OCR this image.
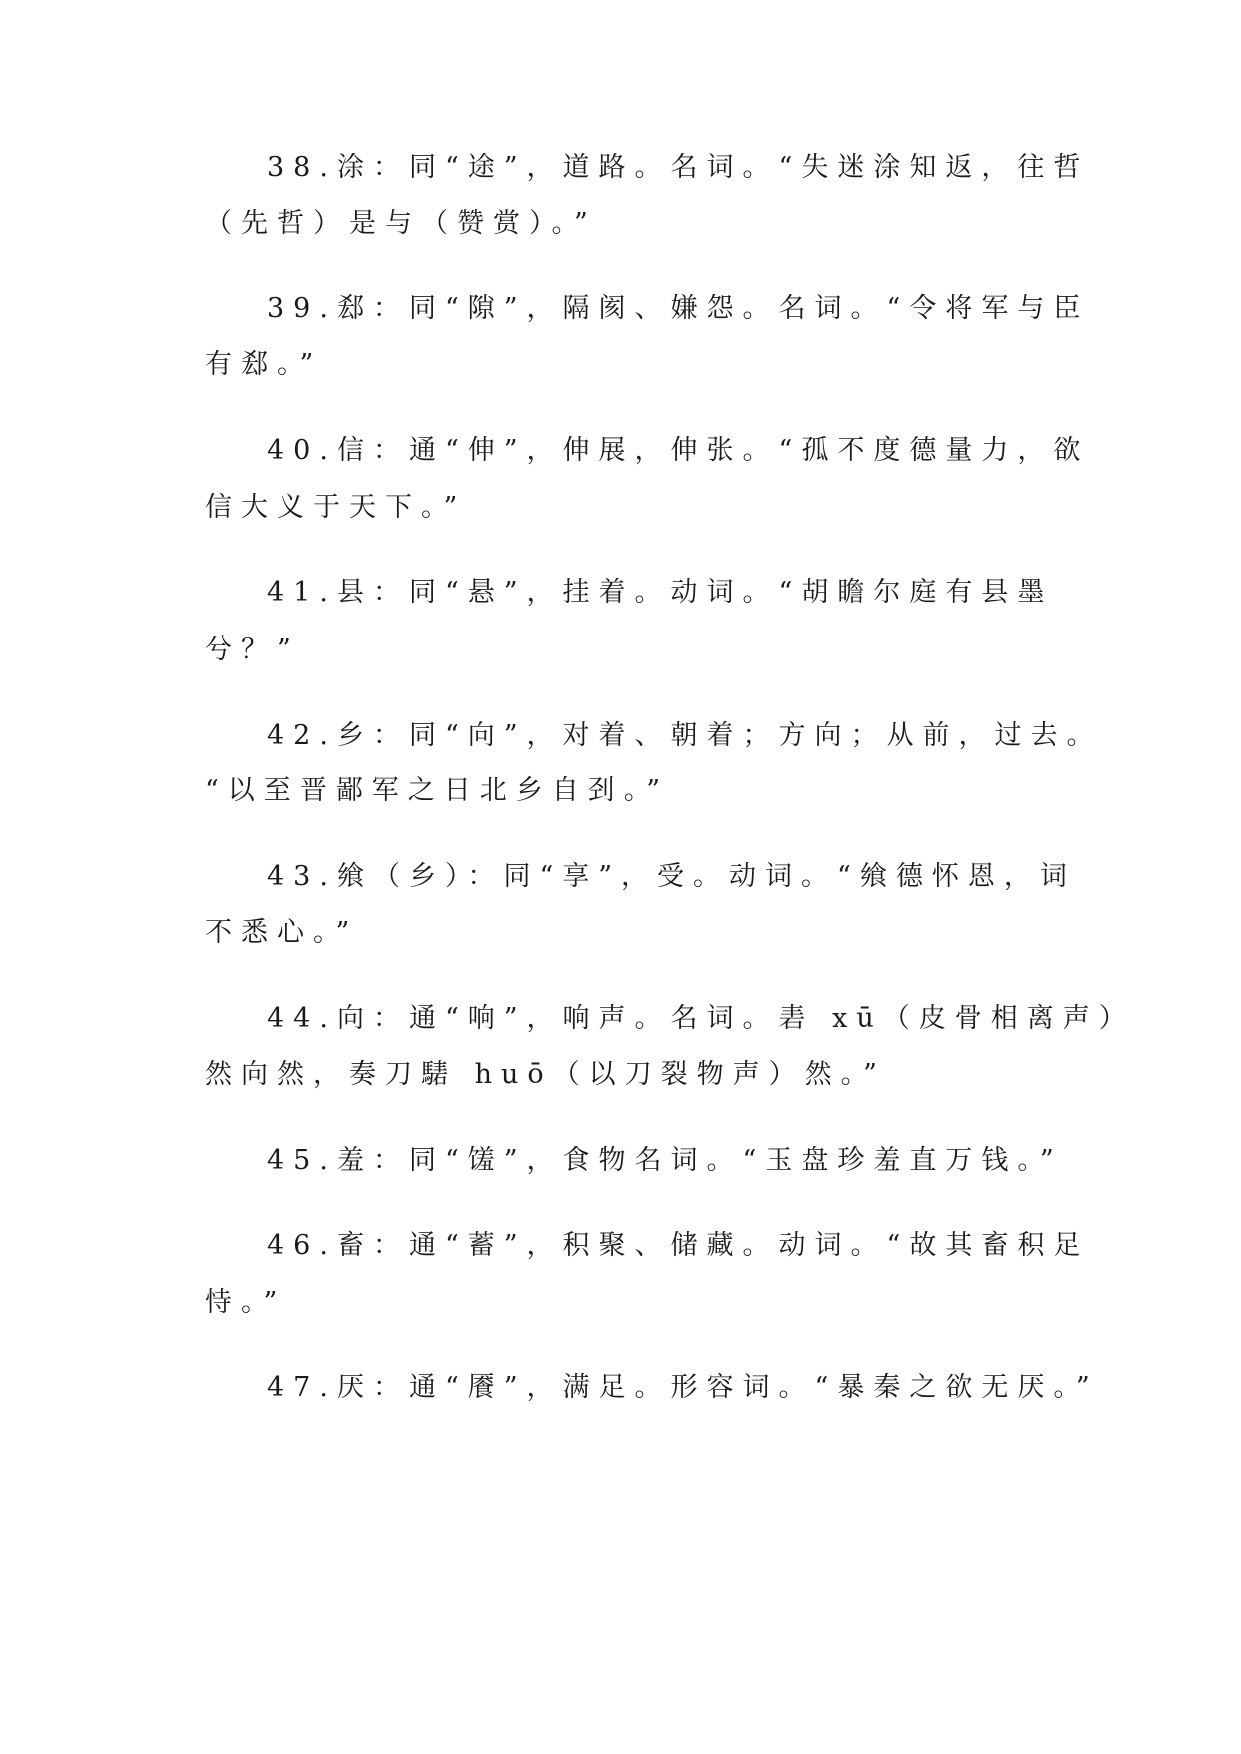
38.涂：同“途”，道路。名词。“失迷涂知返，往哲
（先哲）是与（赞赏）。”
39.郄：同“隙”，隔阂、嫌怨。名词。“令将军与臣
有郄。”
40.信：通“伸”，伸展，伸张。“孤不度德量力，欲
信大义于天下。”
41.县：同“悬”，挂着。动词。“胡瞻尔庭有县墨
兮？”
42.乡：同“向”，对着、朝着；方向；从前，过去。
“以至晋鄙军之日北乡自刭。”
43.飨（乡）：同“享”，受。动词。“飨德怀恩，词
不悉心。”
44.向：通“响”，响声。名词。砉 xū（皮骨相离声）
然向然，奏刀騞 huō（以刀裂物声）然。”
45.羞：同“馐”，食物名词。“玉盘珍羞直万钱。”
46.畜：通“蓄”，积聚、储藏。动词。“故其畜积足
恃。”
47.厌：通“餍”，满足。形容词。“暴秦之欲无厌。”
